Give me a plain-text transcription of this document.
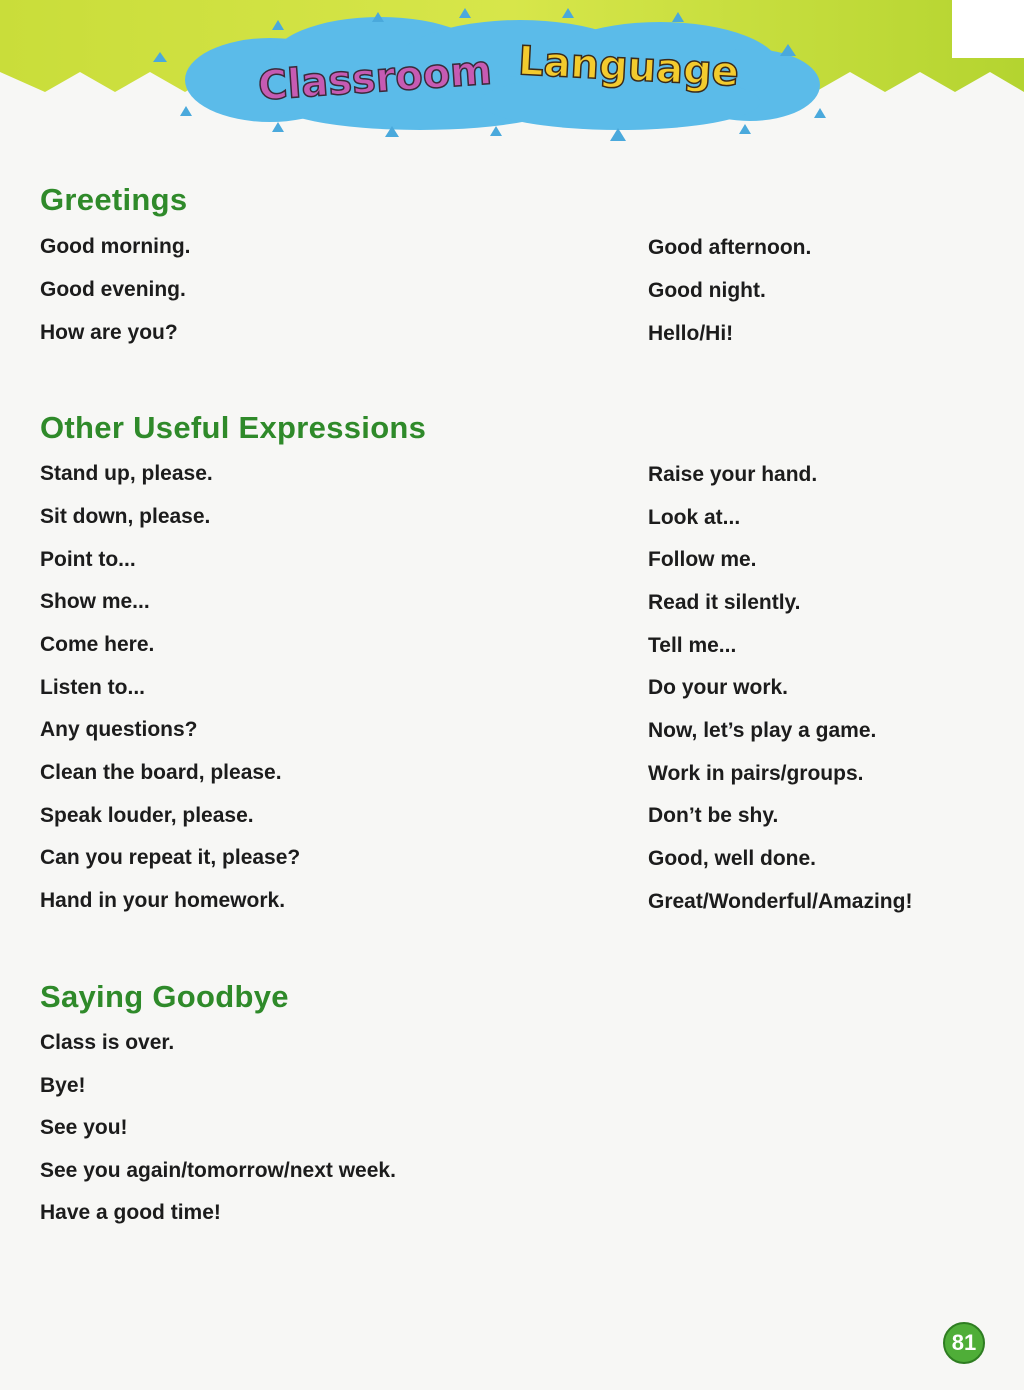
Classroom Language
Greetings
Good morning.
Good evening.
How are you?
Good afternoon.
Good night.
Hello/Hi!
Other Useful Expressions
Stand up, please.
Sit down, please.
Point to...
Show me...
Come here.
Listen to...
Any questions?
Clean the board, please.
Speak louder, please.
Can you repeat it, please?
Hand in your homework.
Raise your hand.
Look at...
Follow me.
Read it silently.
Tell me...
Do your work.
Now, let’s play a game.
Work in pairs/groups.
Don’t be shy.
Good, well done.
Great/Wonderful/Amazing!
Saying Goodbye
Class is over.
Bye!
See you!
See you again/tomorrow/next week.
Have a good time!
81
